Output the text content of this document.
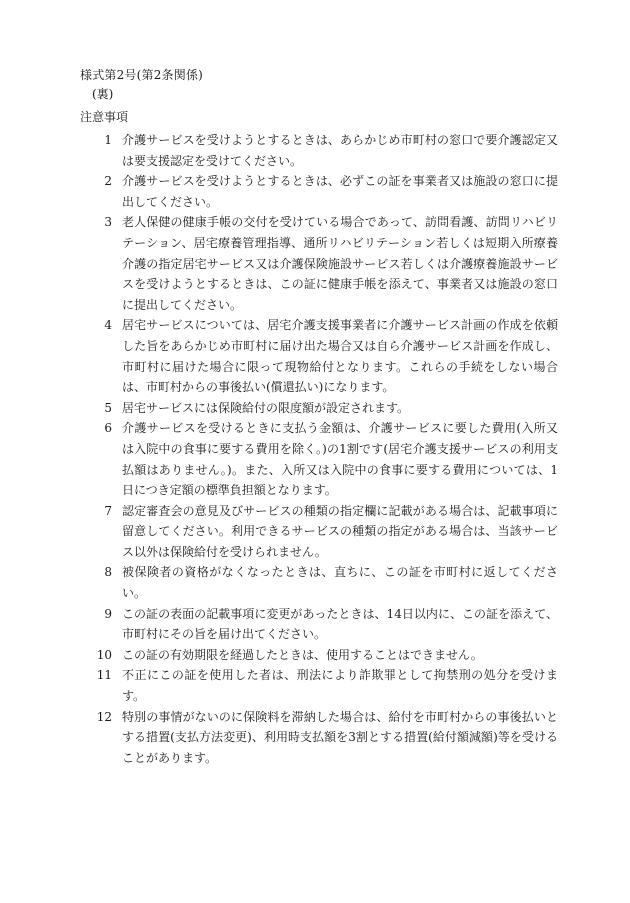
様式第2号(第2条関係)
(裏)
注意事項
1 介護サービスを受けようとするときは、あらかじめ市町村の窓口で要介護認定又は要支援認定を受けてください。
2 介護サービスを受けようとするときは、必ずこの証を事業者又は施設の窓口に提出してください。
3 老人保健の健康手帳の交付を受けている場合であって、訪問看護、訪問リハビリテーション、居宅療養管理指導、通所リハビリテーション若しくは短期入所療養介護の指定居宅サービス又は介護保険施設サービス若しくは介護療養施設サービスを受けようとするときは、この証に健康手帳を添えて、事業者又は施設の窓口に提出してください。
4 居宅サービスについては、居宅介護支援事業者に介護サービス計画の作成を依頼した旨をあらかじめ市町村に届け出た場合又は自ら介護サービス計画を作成し、市町村に届けた場合に限って現物給付となります。これらの手続をしない場合は、市町村からの事後払い(償還払い)になります。
5 居宅サービスには保険給付の限度額が設定されます。
6 介護サービスを受けるときに支払う金額は、介護サービスに要した費用(入所又は入院中の食事に要する費用を除く。)の1割です(居宅介護支援サービスの利用支払額はありません。)。また、入所又は入院中の食事に要する費用については、1日につき定額の標準負担額となります。
7 認定審査会の意見及びサービスの種類の指定欄に記載がある場合は、記載事項に留意してください。利用できるサービスの種類の指定がある場合は、当該サービス以外は保険給付を受けられません。
8 被保険者の資格がなくなったときは、直ちに、この証を市町村に返してください。
9 この証の表面の記載事項に変更があったときは、14日以内に、この証を添えて、市町村にその旨を届け出てください。
10 この証の有効期限を経過したときは、使用することはできません。
11 不正にこの証を使用した者は、刑法により詐欺罪として拘禁刑の処分を受けます。
12 特別の事情がないのに保険料を滞納した場合は、給付を市町村からの事後払いとする措置(支払方法変更)、利用時支払額を3割とする措置(給付額減額)等を受けることがあります。
